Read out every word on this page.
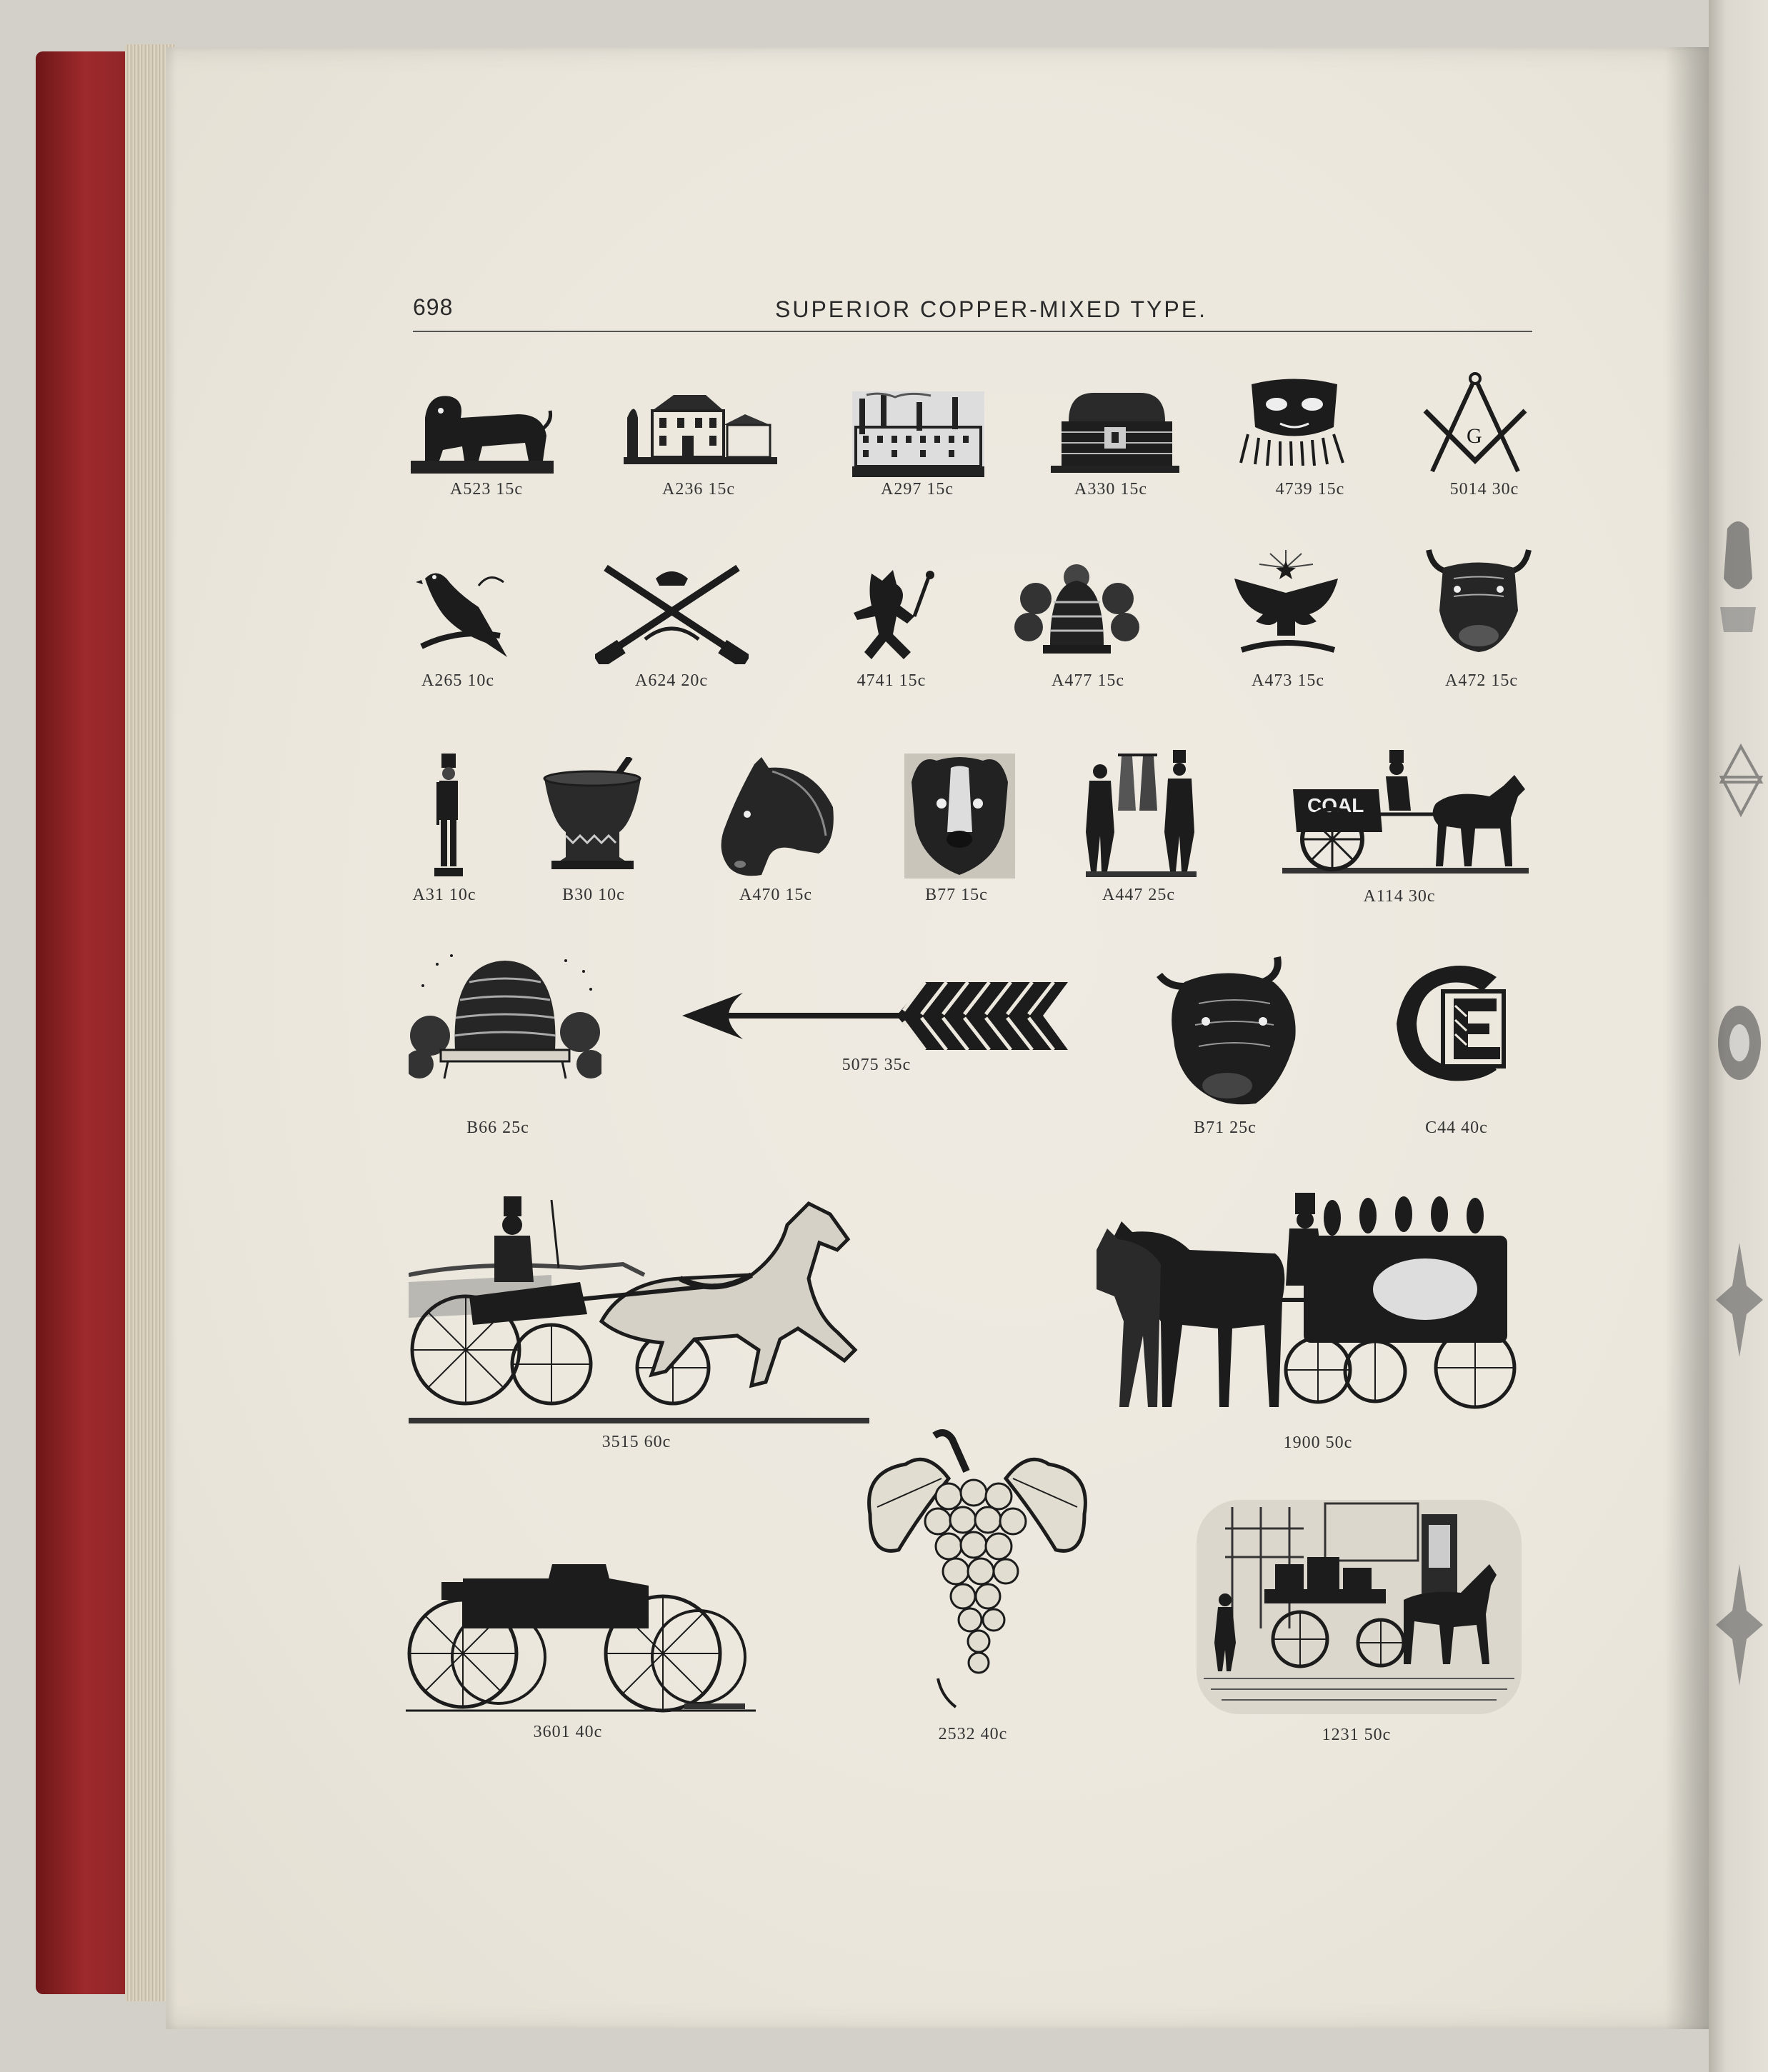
698	SUPERIOR COPPER-MIXED TYPE.
A523 15c	A236 15c	A297 15c	A330 15c	4739 15c
G
5014 30c
A265 10c	A624 20c	4741 15c	A477 15c	A473 15c	A472 15c
A31 10c	B30 10c	A470 15c	B77 15c	A447 25c
COAL
A114 30c
B66 25c
5075 35c
B71 25c	C44 40c
3515 60c	1900 50c
3601 40c	2532 40c	1231 50c
